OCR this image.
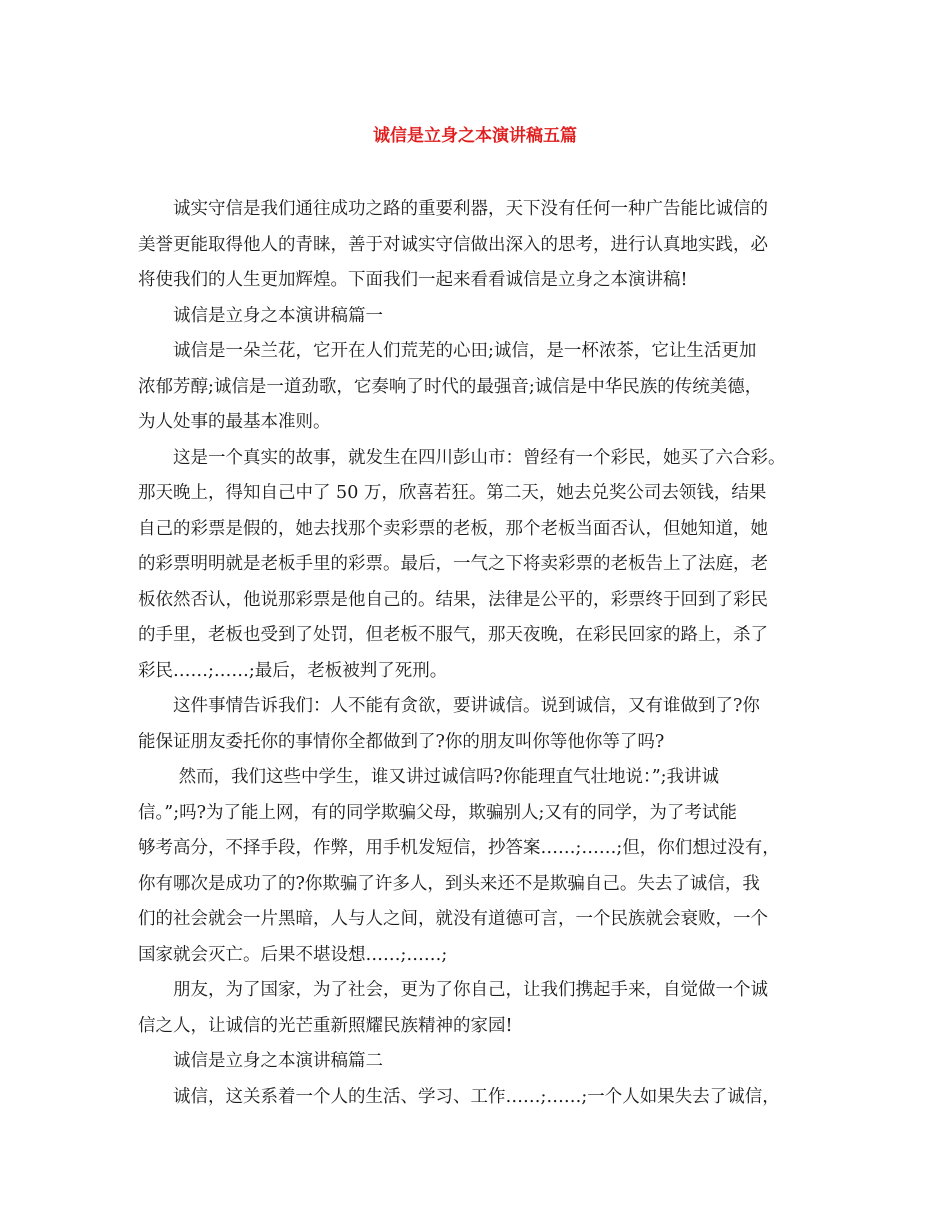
诚信是立身之本演讲稿五篇
　　诚实守信是我们通往成功之路的重要利器，天下没有任何一种广告能比诚信的
美誉更能取得他人的青睐，善于对诚实守信做出深入的思考，进行认真地实践，必
将使我们的人生更加辉煌。下面我们一起来看看诚信是立身之本演讲稿!
　　诚信是立身之本演讲稿篇一
　　诚信是一朵兰花，它开在人们荒芜的心田;诚信，是一杯浓茶，它让生活更加
浓郁芳醇;诚信是一道劲歌，它奏响了时代的最强音;诚信是中华民族的传统美德，
为人处事的最基本准则。
　　这是一个真实的故事，就发生在四川彭山市：曾经有一个彩民，她买了六合彩。
那天晚上，得知自己中了 50 万，欣喜若狂。第二天，她去兑奖公司去领钱，结果
自己的彩票是假的，她去找那个卖彩票的老板，那个老板当面否认，但她知道，她
的彩票明明就是老板手里的彩票。最后，一气之下将卖彩票的老板告上了法庭，老
板依然否认，他说那彩票是他自己的。结果，法律是公平的，彩票终于回到了彩民
的手里，老板也受到了处罚，但老板不服气，那天夜晚，在彩民回家的路上，杀了
彩民……;……;最后，老板被判了死刑。
　　这件事情告诉我们：人不能有贪欲，要讲诚信。说到诚信，又有谁做到了?你
能保证朋友委托你的事情你全都做到了?你的朋友叫你等他你等了吗?
　　 然而，我们这些中学生，谁又讲过诚信吗?你能理直气壮地说：”;我讲诚
信。”;吗?为了能上网，有的同学欺骗父母，欺骗别人;又有的同学，为了考试能
够考高分，不择手段，作弊，用手机发短信，抄答案……;……;但，你们想过没有，
你有哪次是成功了的?你欺骗了许多人，到头来还不是欺骗自己。失去了诚信，我
们的社会就会一片黑暗，人与人之间，就没有道德可言，一个民族就会衰败，一个
国家就会灭亡。后果不堪设想……;……;
　　朋友，为了国家，为了社会，更为了你自己，让我们携起手来，自觉做一个诚
信之人，让诚信的光芒重新照耀民族精神的家园!
　　诚信是立身之本演讲稿篇二
　　诚信，这关系着一个人的生活、学习、工作……;……;一个人如果失去了诚信，
